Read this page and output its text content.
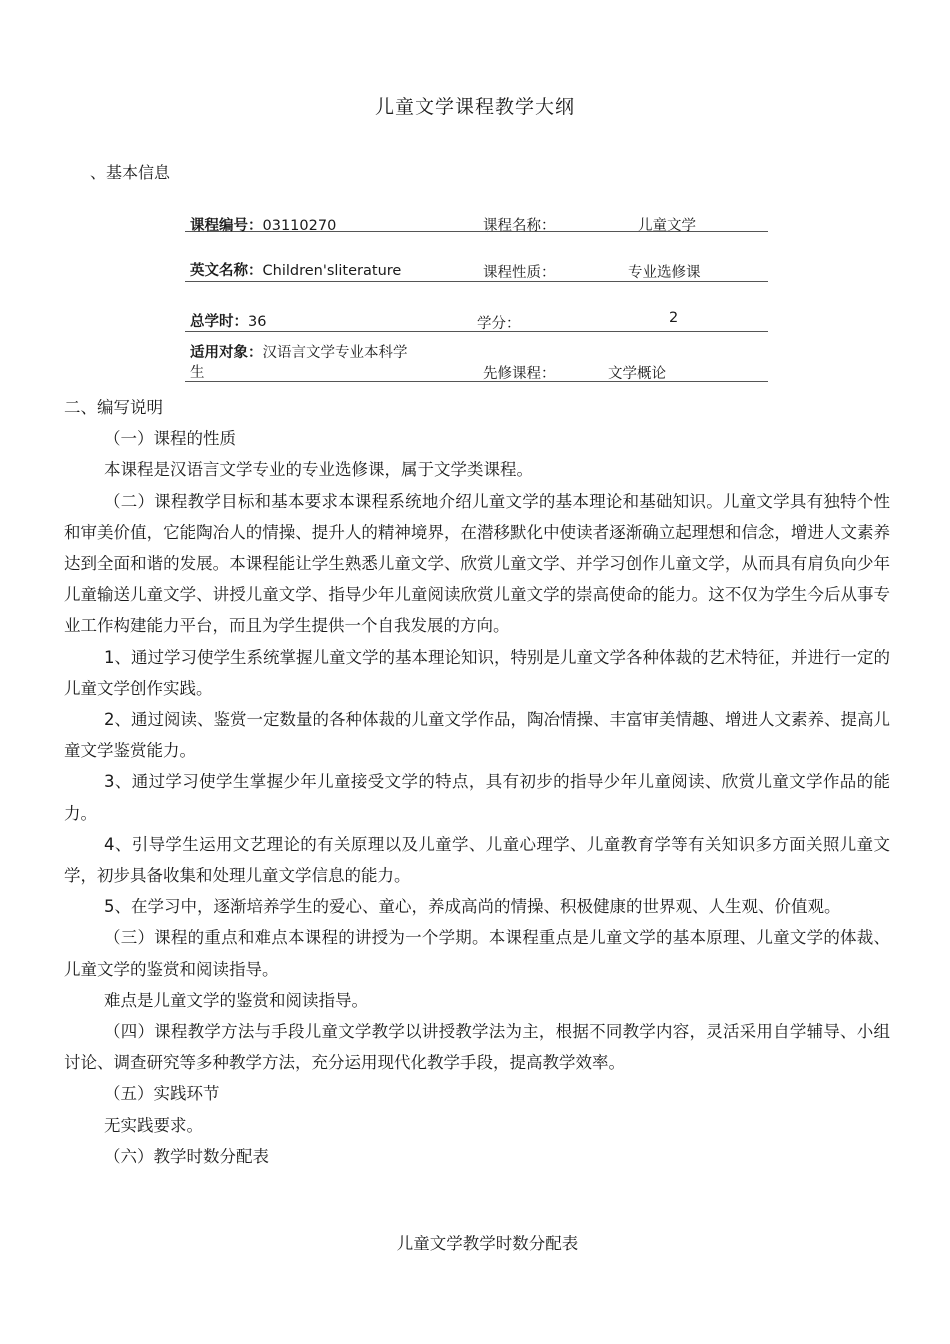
儿童文学课程教学大纲
、基本信息
课程编号：03110270	课程名称：	儿童文学
英文名称：Children'sliterature	课程性质：	专业选修课
总学时：36	学分：	2
适用对象：汉语言文学专业本科学
生	先修课程：	文学概论

二、编写说明

（一）课程的性质

本课程是汉语言文学专业的专业选修课，属于文学类课程。

（二）课程教学目标和基本要求本课程系统地介绍儿童文学的基本理论和基础知识。儿童文学具有独特个性和审美价值，它能陶冶人的情操、提升人的精神境界，在潜移默化中使读者逐渐确立起理想和信念，增进人文素养达到全面和谐的发展。本课程能让学生熟悉儿童文学、欣赏儿童文学、并学习创作儿童文学，从而具有肩负向少年儿童输送儿童文学、讲授儿童文学、指导少年儿童阅读欣赏儿童文学的崇高使命的能力。这不仅为学生今后从事专业工作构建能力平台，而且为学生提供一个自我发展的方向。

1、通过学习使学生系统掌握儿童文学的基本理论知识，特别是儿童文学各种体裁的艺术特征，并进行一定的儿童文学创作实践。

2、通过阅读、鉴赏一定数量的各种体裁的儿童文学作品，陶冶情操、丰富审美情趣、增进人文素养、提高儿童文学鉴赏能力。

3、通过学习使学生掌握少年儿童接受文学的特点，具有初步的指导少年儿童阅读、欣赏儿童文学作品的能力。

4、引导学生运用文艺理论的有关原理以及儿童学、儿童心理学、儿童教育学等有关知识多方面关照儿童文学，初步具备收集和处理儿童文学信息的能力。

5、在学习中，逐渐培养学生的爱心、童心，养成高尚的情操、积极健康的世界观、人生观、价值观。

（三）课程的重点和难点本课程的讲授为一个学期。本课程重点是儿童文学的基本原理、儿童文学的体裁、儿童文学的鉴赏和阅读指导。

难点是儿童文学的鉴赏和阅读指导。

（四）课程教学方法与手段儿童文学教学以讲授教学法为主，根据不同教学内容，灵活采用自学辅导、小组讨论、调查研究等多种教学方法，充分运用现代化教学手段，提高教学效率。

（五）实践环节

无实践要求。

（六）教学时数分配表

儿童文学教学时数分配表
